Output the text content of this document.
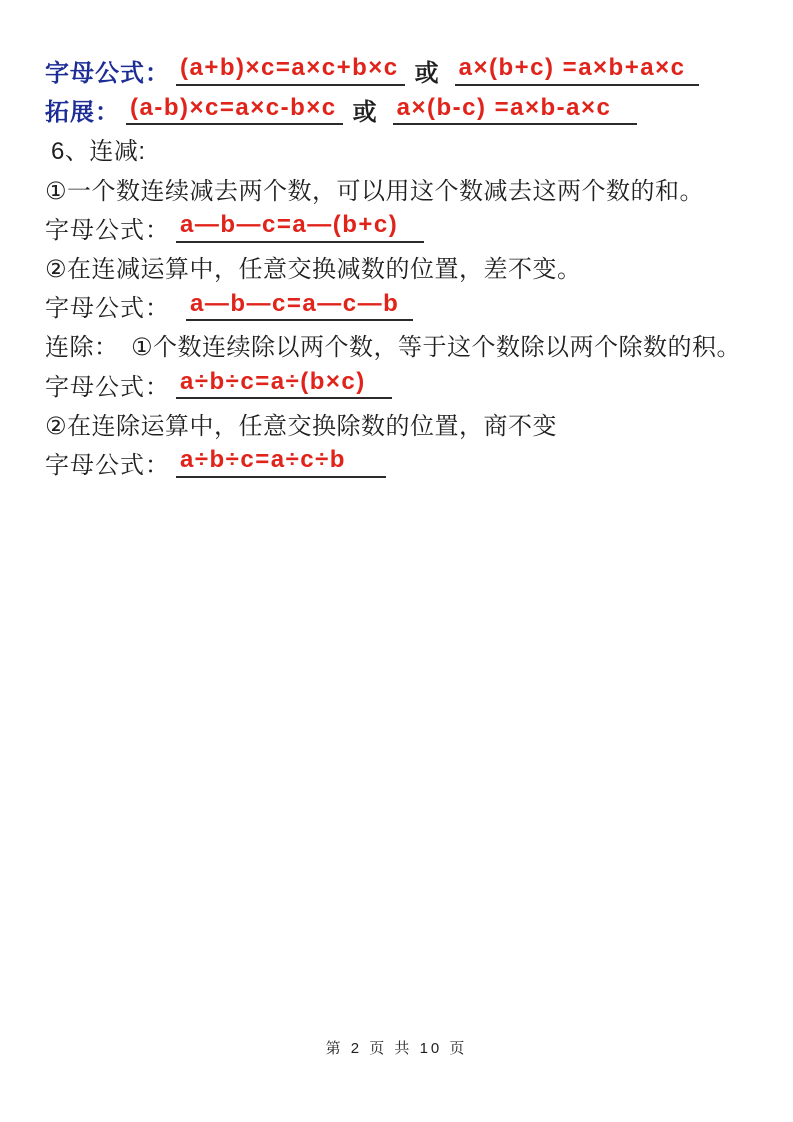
字母公式： (a+b)×c=a×c+b×c 或 a×(b+c) =a×b+a×c
拓展： (a-b)×c=a×c-b×c 或 a×(b-c) =a×b-a×c
6、连减:
①一个数连续减去两个数，可以用这个数减去这两个数的和。
字母公式： a—b—c=a—(b+c)
②在连减运算中，任意交换减数的位置，差不变。
字母公式： a—b—c=a—c—b
连除：　①个数连续除以两个数，等于这个数除以两个除数的积。
字母公式： a÷b÷c=a÷(b×c)
②在连除运算中，任意交换除数的位置，商不变
字母公式： a÷b÷c=a÷c÷b
第 2 页 共 10 页
